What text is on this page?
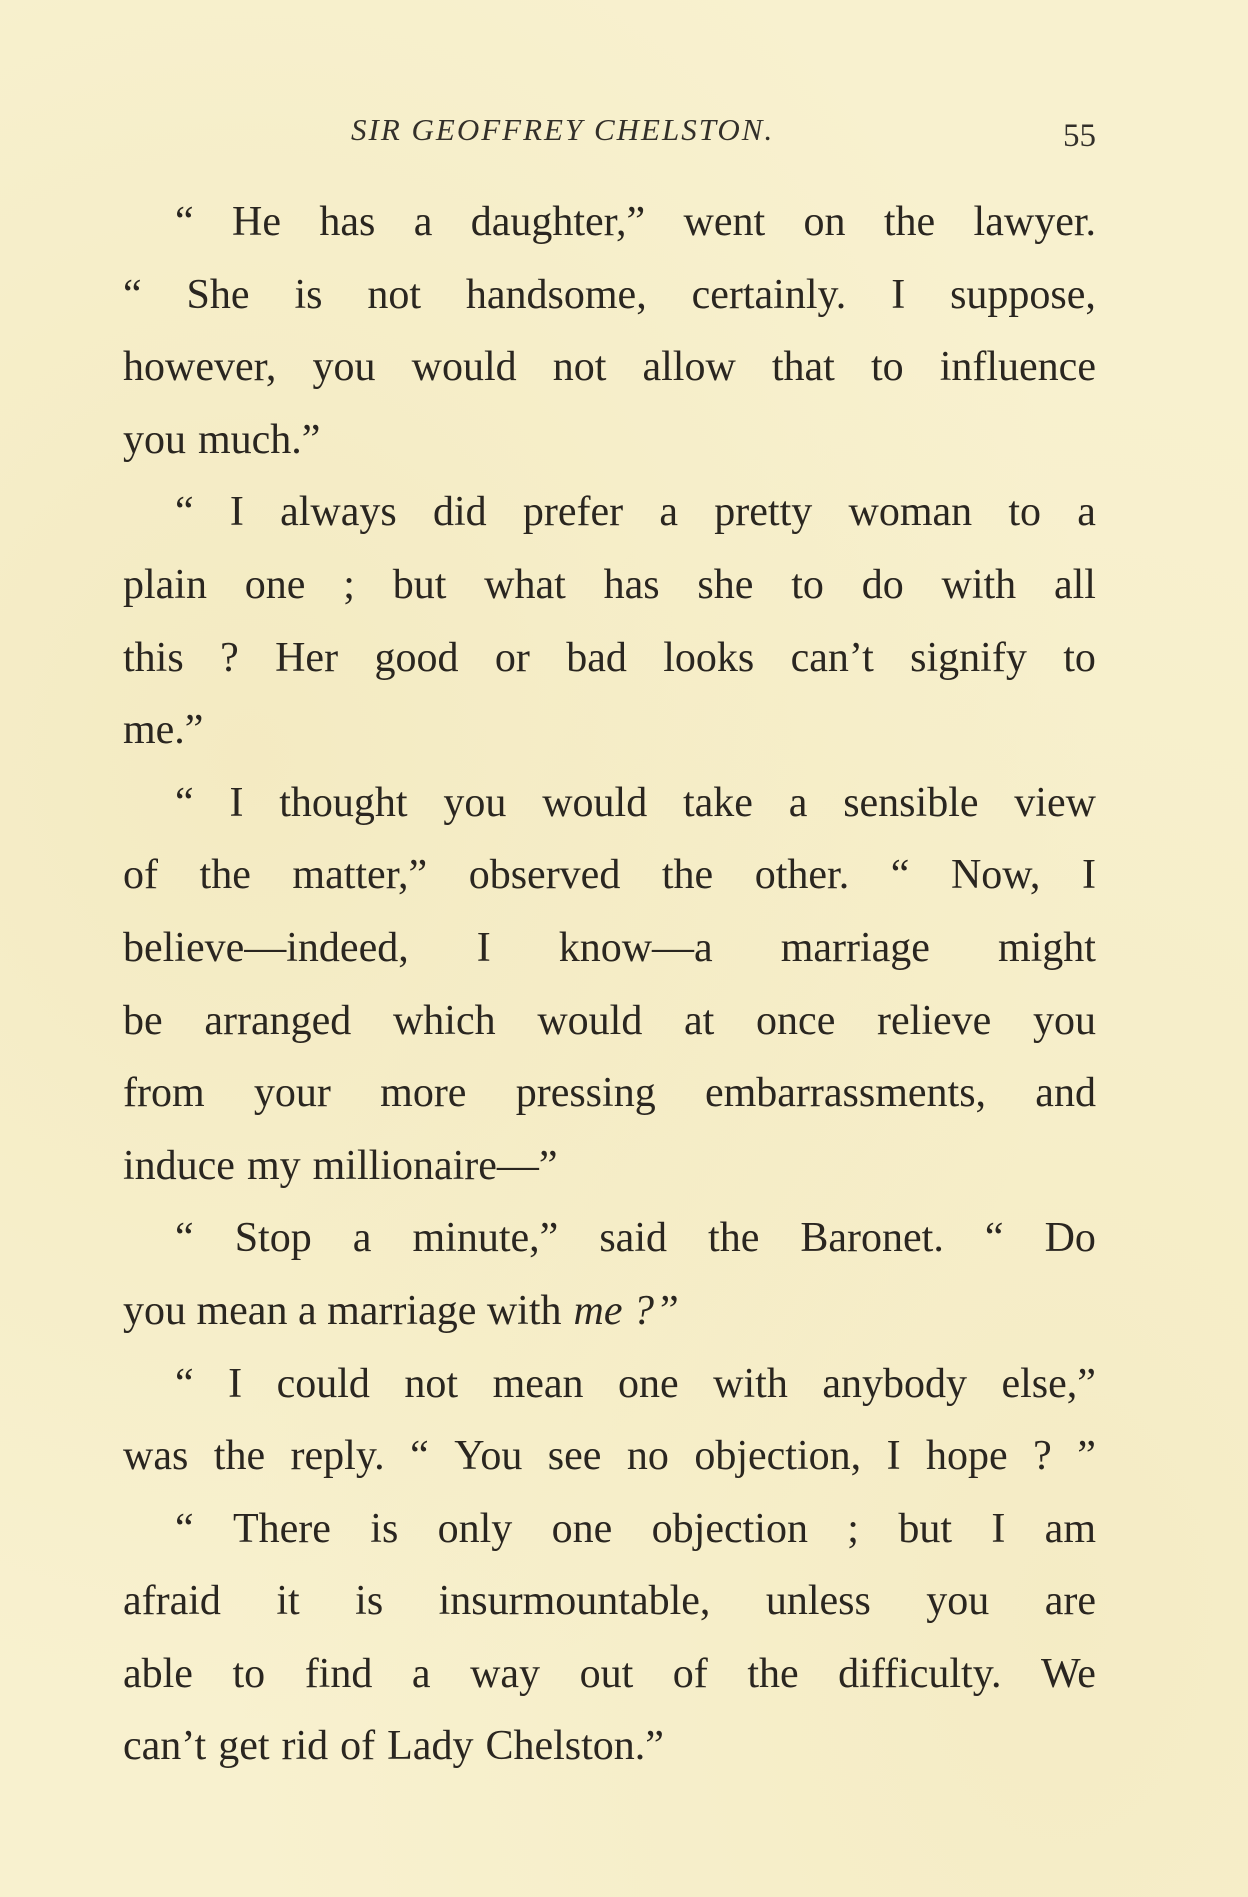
SIR GEOFFREY CHELSTON.	55
“ He has a daughter,” went on the lawyer.
“ She is not handsome, certainly. I suppose,
however, you would not allow that to influence
you much.”
“ I always did prefer a pretty woman to a
plain one ; but what has she to do with all
this ? Her good or bad looks can’t signify to
me.”
“ I thought you would take a sensible view
of the matter,” observed the other. “ Now, I
believe—indeed, I know—a marriage might
be arranged which would at once relieve you
from your more pressing embarrassments, and
induce my millionaire—”
“ Stop a minute,” said the Baronet. “ Do
you mean a marriage with me ? ”
“ I could not mean one with anybody else,”
was the reply. “ You see no objection, I hope ? ”
“ There is only one objection ; but I am
afraid it is insurmountable, unless you are
able to find a way out of the difficulty. We
can’t get rid of Lady Chelston.”
